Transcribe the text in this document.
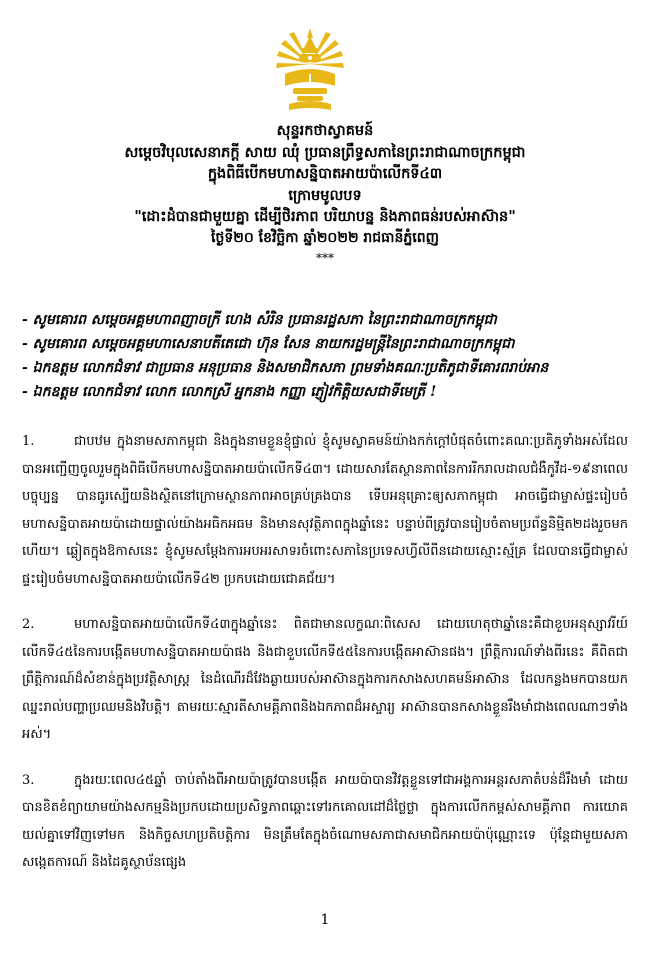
សុន្ទរកថាស្វាគមន៍
សម្តេចវិបុលសេនាភក្តី សាយ ឈុំ ប្រធានព្រឹទ្ធសភានៃព្រះរាជាណាចក្រកម្ពុជា
ក្នុងពិធីបើកមហាសន្និបាតអាយប៉ាលើកទី៤៣
ក្រោមមូលបទ
"ដោះដំបានជាមួយគ្នា ដើម្បីថិរភាព បរិយាបន្ន និងភាពធន់របស់អាស៊ាន"
ថ្ងៃទី២០ ខែវិច្ឆិកា ឆ្នាំ២០២២ រាជធានីភ្នំពេញ
***
- សូមគោរព សម្តេចអគ្គមហាពញាចក្រី ហេង សំរិន ប្រធានរដ្ឋសភា នៃព្រះរាជាណាចក្រកម្ពុជា
- សូមគោរព សម្តេចអគ្គមហាសេនាបតីតេជោ ហ៊ុន សែន នាយករដ្ឋមន្ត្រីនៃព្រះរាជាណាចក្រកម្ពុជា
- ឯកឧត្តម លោកជំទាវ ជាប្រធាន អនុប្រធាន និងសមាជិកសភា ព្រមទាំងគណៈប្រតិភូជាទីគោរពរាប់អាន
- ឯកឧត្តម លោកជំទាវ លោក លោកស្រី អ្នកនាង កញ្ញា ភ្ញៀវកិត្តិយសជាទីមេត្រី !

1.	ជាបឋម ក្នុងនាមសភាកម្ពុជា និងក្នុងនាមខ្លួនខ្ញុំផ្ទាល់ ខ្ញុំសូមស្វាគមន៍យ៉ាងកក់ក្តៅបំផុតចំពោះគណៈប្រតិភូទាំងអស់ដែលបានអញ្ជើញចូលរួមក្នុងពិធីបើកមហាសន្និបាតអាយប៉ាលើកទី៤៣។ ដោយសារតែស្ថានភាពនៃការរីករាលដាលជំងឺកូវីដ-១៩នាពេលបច្ចុប្បន្ន បានធូរស្បើយនិងស្ថិតនៅក្រោមស្ថានភាពអាចគ្រប់គ្រងបាន ទើបអនុគ្រោះឲ្យសភាកម្ពុជា អាចធ្វើជាម្ចាស់ផ្ទះរៀបចំមហាសន្និបាតអាយប៉ាដោយផ្ទាល់យ៉ាងអធិកអធម និងមានសុវត្ថិភាពក្នុងឆ្នាំនេះ បន្ទាប់ពីត្រូវបានរៀបចំតាមប្រព័ន្ធនិម្មិត២ដងរួចមកហើយ។ ឆ្លៀតក្នុងឱកាសនេះ ខ្ញុំសូមសម្តែងការអបអរសាទរចំពោះសភានៃប្រទេសហ្វីលីពីនដោយស្មោះស្ម័គ្រ ដែលបានធ្វើជាម្ចាស់ផ្ទះរៀបចំមហាសន្និបាតអាយប៉ាលើកទី៤២ ប្រកបដោយជោគជ័យ។

2.	មហាសន្និបាតអាយប៉ាលើកទី៤៣ក្នុងឆ្នាំនេះ ពិតជាមានលក្ខណៈពិសេស ដោយហេតុថាឆ្នាំនេះគឺជាខួបអនុស្សាវរីយ៍លើកទី៤៥នៃការបង្កើតមហាសន្និបាតអាយប៉ាផង និងជាខួបលើកទី៥៥នៃការបង្កើតអាស៊ានផង។ ព្រឹត្តិការណ៍ទាំងពីរនេះ គឺពិតជាព្រឹត្តិការណ៍ដ៏សំខាន់ក្នុងប្រវត្តិសាស្ត្រ នៃដំណើរដ៏វែងឆ្ងាយរបស់អាស៊ានក្នុងការកសាងសហគមន៍អាស៊ាន ដែលកន្លងមកបានយកឈ្នះរាល់បញ្ហាប្រឈមនិងវិបត្តិ។ តាមរយៈស្មារតីសាមគ្គីភាពនិងឯកភាពដ៏អស្ចារ្យ អាស៊ានបានកសាងខ្លួនរឹងមាំជាងពេលណាៗទាំងអស់។

3.	ក្នុងរយៈពេល៤៥ឆ្នាំ ចាប់តាំងពីអាយប៉ាត្រូវបានបង្កើត អាយប៉ាបានវិវត្តខ្លួនទៅជាអង្គការអន្តរសភាតំបន់ដ៏រឹងមាំ ដោយបានខិតខំព្យាយាមយ៉ាងសកម្មនិងប្រកបដោយប្រសិទ្ធភាពឆ្ពោះទៅរកគោលដៅដ៏ថ្លៃថ្លា ក្នុងការលើកកម្ពស់សាមគ្គីភាព ការយោគយល់គ្នាទៅវិញទៅមក និងកិច្ចសហប្រតិបត្តិការ មិនត្រឹមតែក្នុងចំណោមសភាជាសមាជិកអាយប៉ាប៉ុណ្ណោះទេ ប៉ុន្តែជាមួយសភាសង្កេតការណ៍ និងដៃគូស្ថាប័នផ្សេង

1
